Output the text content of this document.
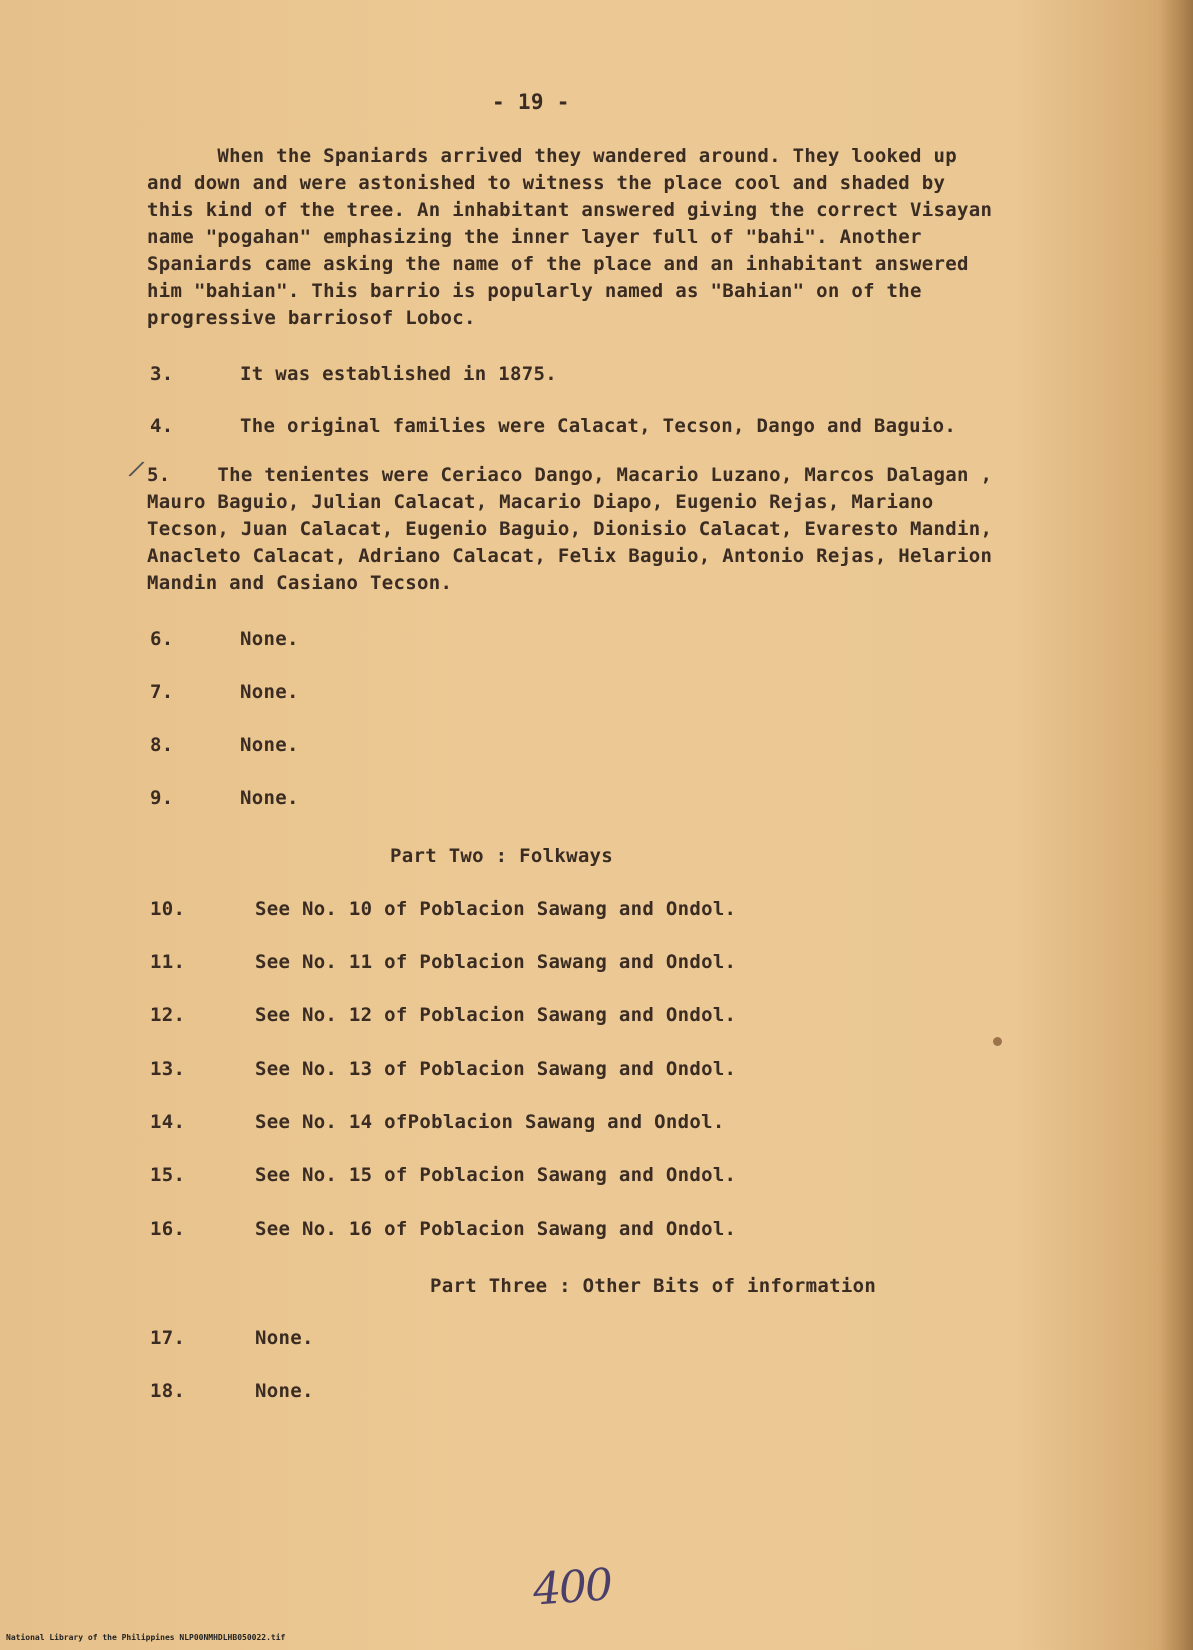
- 19 -
When the Spaniards arrived they wandered around. They looked up
and down and were astonished to witness the place cool and shaded by
this kind of the tree. An inhabitant answered giving the correct Visayan
name "pogahan" emphasizing the inner layer full of "bahi". Another
Spaniards came asking the name of the place and an inhabitant answered
him "bahian". This barrio is popularly named as "Bahian" on of the
progressive barriosof Loboc.
3.	It was established in 1875.
4.	The original families were Calacat, Tecson, Dango and Baguio.
/ 5.    The tenientes were Ceriaco Dango, Macario Luzano, Marcos Dalagan ,
Mauro Baguio, Julian Calacat, Macario Diapo, Eugenio Rejas, Mariano
Tecson, Juan Calacat, Eugenio Baguio, Dionisio Calacat, Evaresto Mandin,
Anacleto Calacat, Adriano Calacat, Felix Baguio, Antonio Rejas, Helarion
Mandin and Casiano Tecson.
6.	None.
7.	None.
8.	None.
9.	None.
Part Two : Folkways
10.	See No. 10 of Poblacion Sawang and Ondol.
11.	See No. 11 of Poblacion Sawang and Ondol.
12.	See No. 12 of Poblacion Sawang and Ondol.
13.	See No. 13 of Poblacion Sawang and Ondol.
14.	See No. 14 ofPoblacion Sawang and Ondol.
15.	See No. 15 of Poblacion Sawang and Ondol.
16.	See No. 16 of Poblacion Sawang and Ondol.
Part Three : Other Bits of information
17.	None.
18.	None.
400
National Library of the Philippines NLP00NMHDLHB050022.tif
